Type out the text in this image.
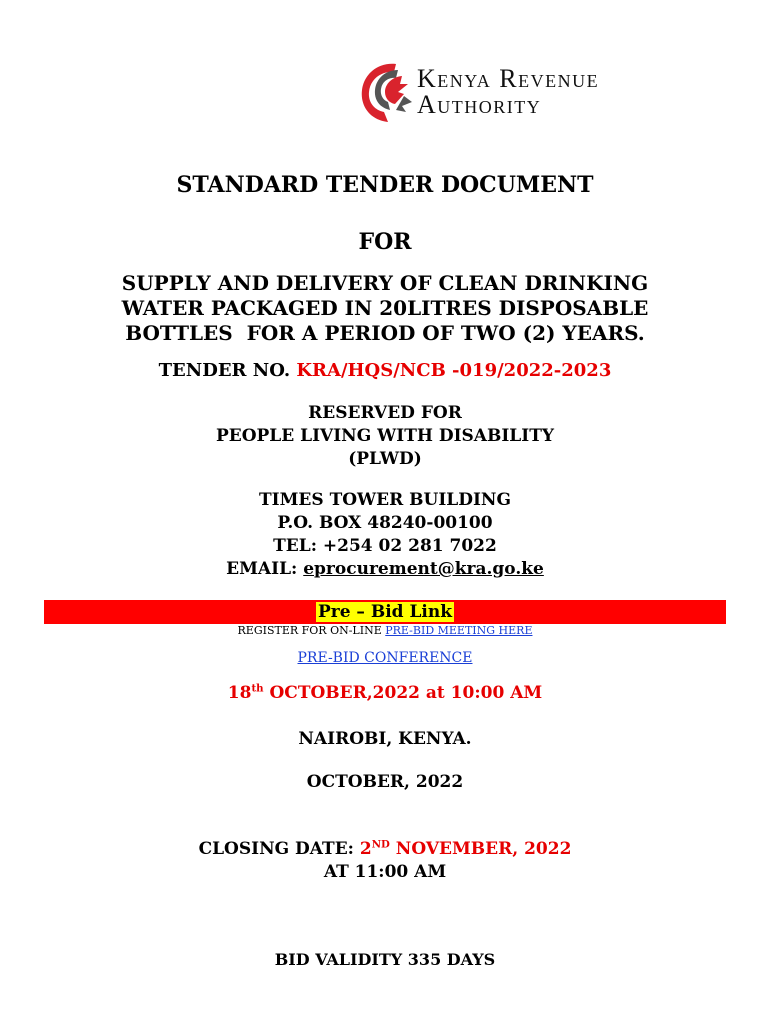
Kenya Revenue
Authority
STANDARD TENDER DOCUMENT
FOR
SUPPLY AND DELIVERY OF CLEAN DRINKING
WATER PACKAGED IN 20LITRES DISPOSABLE
BOTTLES  FOR A PERIOD OF TWO (2) YEARS.
TENDER NO. KRA/HQS/NCB -019/2022-2023
RESERVED FOR
PEOPLE LIVING WITH DISABILITY
(PLWD)
TIMES TOWER BUILDING
P.O. BOX 48240-00100
TEL: +254 02 281 7022
EMAIL: eprocurement@kra.go.ke
Pre – Bid Link
REGISTER FOR ON-LINE PRE-BID MEETING HERE
PRE-BID CONFERENCE
18th OCTOBER,2022 at 10:00 AM
NAIROBI, KENYA.
OCTOBER, 2022
CLOSING DATE: 2ND NOVEMBER, 2022
AT 11:00 AM
BID VALIDITY 335 DAYS
